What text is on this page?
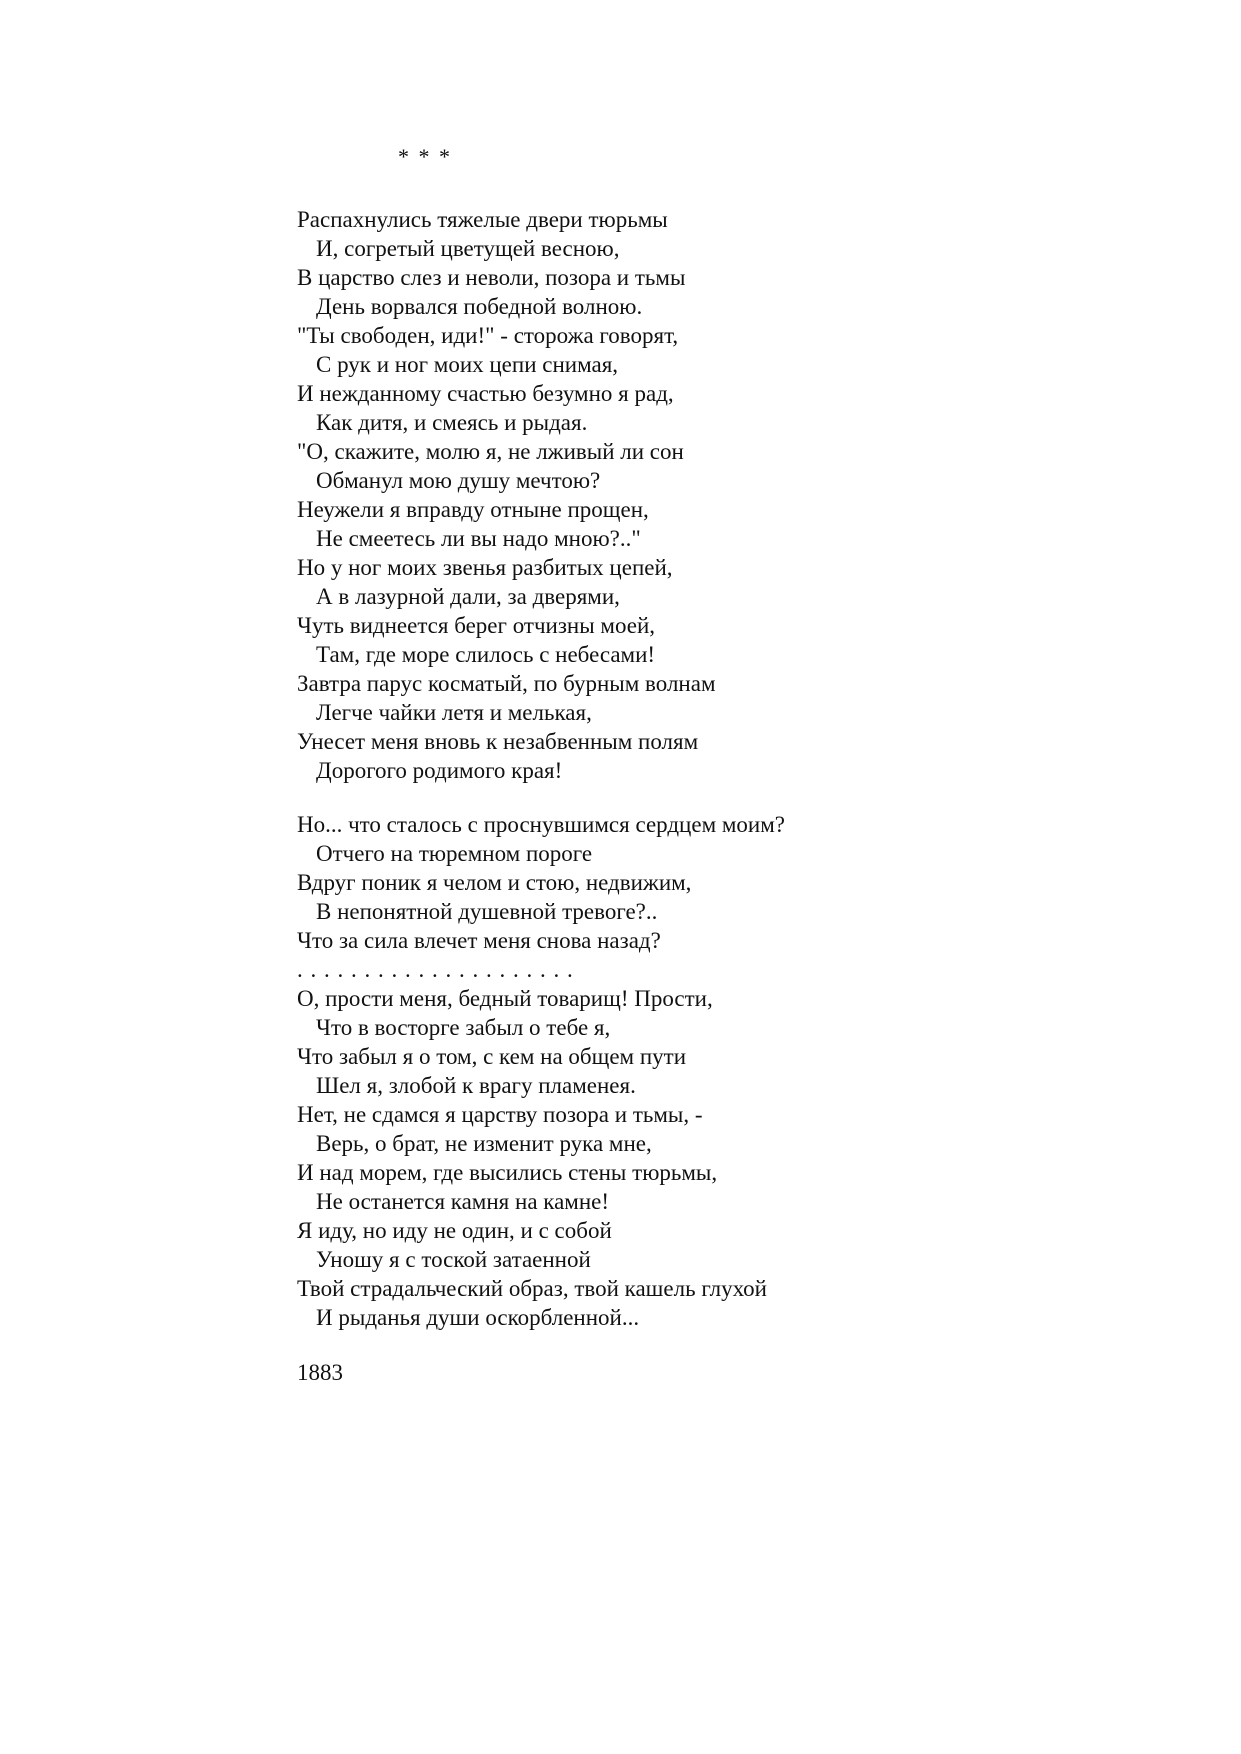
* * *
Распахнулись тяжелые двери тюрьмы
И, согретый цветущей весною,
В царство слез и неволи, позора и тьмы
День ворвался победной волною.
"Ты свободен, иди!" - сторожа говорят,
С рук и ног моих цепи снимая,
И нежданному счастью безумно я рад,
Как дитя, и смеясь и рыдая.
"О, скажите, молю я, не лживый ли сон
Обманул мою душу мечтою?
Неужели я вправду отныне прощен,
Не смеетесь ли вы надо мною?.."
Но у ног моих звенья разбитых цепей,
А в лазурной дали, за дверями,
Чуть виднеется берег отчизны моей,
Там, где море слилось с небесами!
Завтра парус косматый, по бурным волнам
Легче чайки летя и мелькая,
Унесет меня вновь к незабвенным полям
Дорогого родимого края!
Но... что сталось с проснувшимся сердцем моим?
Отчего на тюремном пороге
Вдруг поник я челом и стою, недвижим,
В непонятной душевной тревоге?..
Что за сила влечет меня снова назад?
. . . . . . . . . . . . . . . . . . . . .
О, прости меня, бедный товарищ! Прости,
Что в восторге забыл о тебе я,
Что забыл я о том, с кем на общем пути
Шел я, злобой к врагу пламенея.
Нет, не сдамся я царству позора и тьмы, -
Верь, о брат, не изменит рука мне,
И над морем, где высились стены тюрьмы,
Не останется камня на камне!
Я иду, но иду не один, и с собой
Уношу я с тоской затаенной
Твой страдальческий образ, твой кашель глухой
И рыданья души оскорбленной...
1883
